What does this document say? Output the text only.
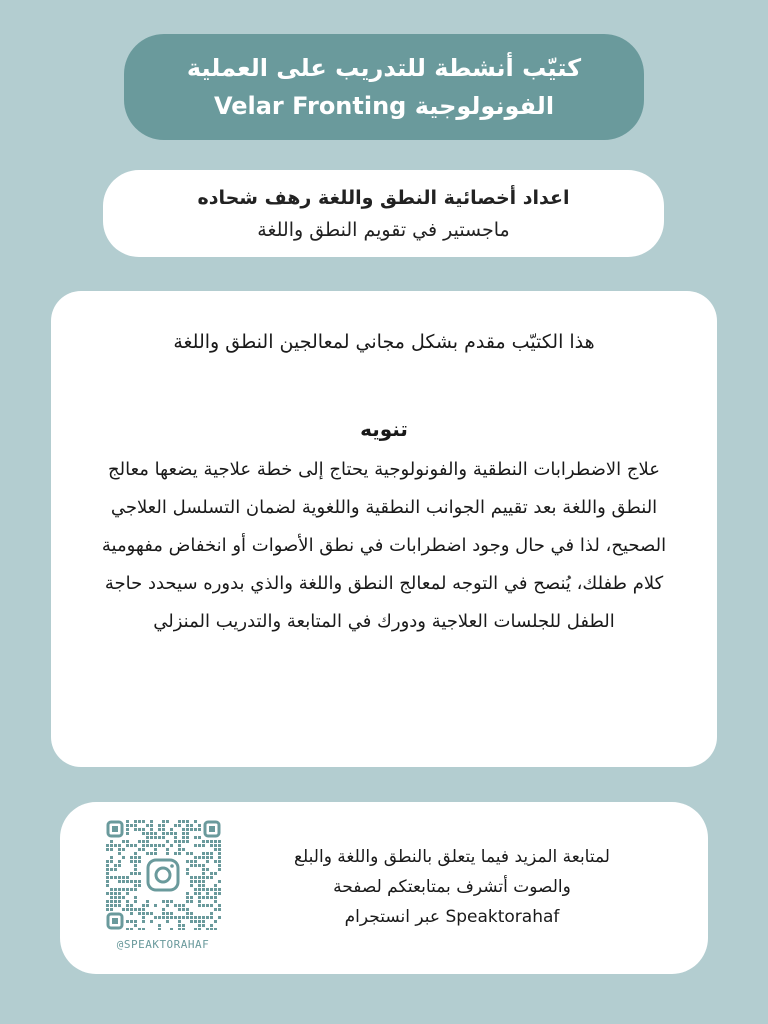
كتيّب أنشطة للتدريب على العملية
الفونولوجية Velar Fronting
اعداد أخصائية النطق واللغة رهف شحاده
ماجستير في تقويم النطق واللغة
هذا الكتيّب مقدم بشكل مجاني لمعالجين النطق واللغة
تنويه
علاج الاضطرابات النطقية والفونولوجية يحتاج إلى خطة علاجية يضعها معالج
النطق واللغة بعد تقييم الجوانب النطقية واللغوية لضمان التسلسل العلاجي
الصحيح، لذا في حال وجود اضطرابات في نطق الأصوات أو انخفاض مفهومية
كلام طفلك، يُنصح في التوجه لمعالج النطق واللغة والذي بدوره سيحدد حاجة
الطفل للجلسات العلاجية ودورك في المتابعة والتدريب المنزلي
@SPEAKTORAHAF
لمتابعة المزيد فيما يتعلق بالنطق واللغة والبلع
والصوت أتشرف بمتابعتكم لصفحة
Speaktorahaf عبر انستجرام
